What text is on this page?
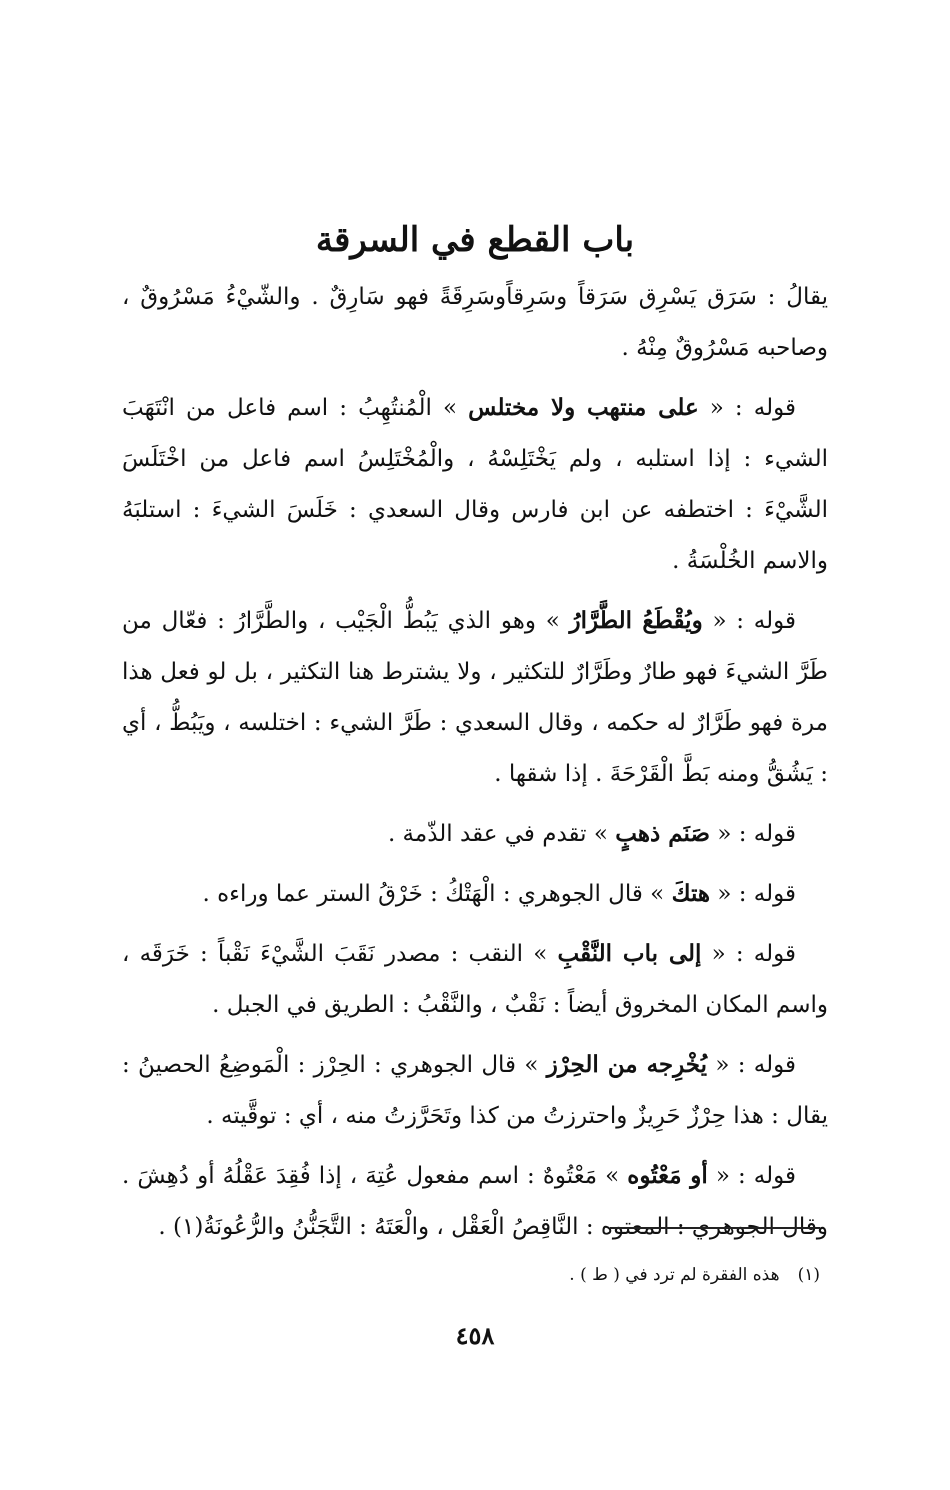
باب القطع في السرقة

يقالُ : سَرَق يَسْرِق سَرَقاً وسَرِقاًوسَرِقَةً فهو سَارِقٌ . والشّيْءُ مَسْرُوقٌ ، وصاحبه مَسْرُوقٌ مِنْهُ .

قوله : « على منتهب ولا مختلس » الْمُنتُهِبُ : اسم فاعل من انْتَهَبَ الشيء : إذا استلبه ، ولم يَخْتَلِسْهُ ، والْمُخْتَلِسُ اسم فاعل من اخْتَلَسَ الشَّيْءَ : اختطفه عن ابن فارس وقال السعدي : خَلَسَ الشيءَ : استلبَهُ والاسم الخُلْسَةُ .

قوله : « ويُقْطَعُ الطَّرَّارُ » وهو الذي يَبُطُّ الْجَيْب ، والطَّرَّارُ : فعّال من طَرَّ الشيءَ فهو طارٌ وطَرَّارٌ للتكثير ، ولا يشترط هنا التكثير ، بل لو فعل هذا مرة فهو طَرَّارٌ له حكمه ، وقال السعدي : طَرَّ الشيء : اختلسه ، ويَبُطُّ ، أي : يَشُقُّ ومنه بَطَّ الْقَرْحَةَ . إذا شقها .

قوله : « صَنَم ذهبٍ » تقدم في عقد الذّمة .

قوله : « هتكَ » قال الجوهري : الْهَتْكُ : خَرْقُ الستر عما وراءه .

قوله : « إلى باب النَّقْبِ » النقب : مصدر نَقَبَ الشَّيْءَ نَقْباً : خَرَقَه ، واسم المكان المخروق أيضاً : نَقْبٌ ، والنَّقْبُ : الطريق في الجبل .

قوله : « يُخْرِجه من الحِرْز » قال الجوهري : الحِرْز : الْمَوضِعُ الحصينُ : يقال : هذا حِرْزٌ حَرِيزٌ واحترزتُ من كذا وتَحَرَّزتُ منه ، أي : توقَّيته .

قوله : « أو مَعْتُوه » مَعْتُوهٌ : اسم مفعول عُتِهَ ، إذا فُقِدَ عَقْلُهُ أو دُهِشَ . وقال الجوهري : المعتوه : النَّاقِصُ الْعَقْل ، والْعَتَهُ : التَّجَنُّنُ والرُّعُونَةُ(١) .

(١)هذه الفقرة لم ترد في ( ط ) .
٤٥٨
